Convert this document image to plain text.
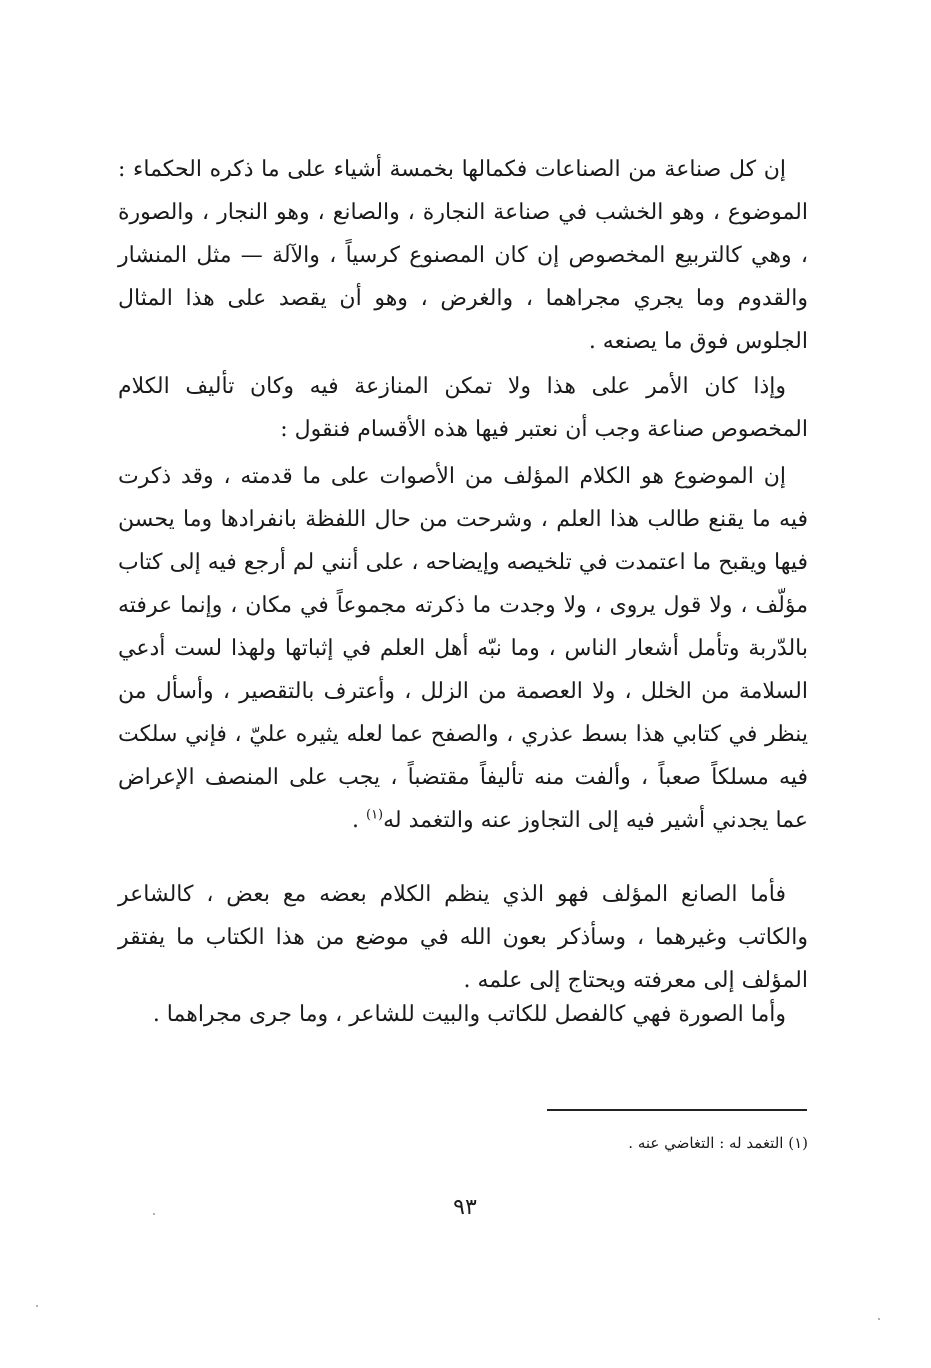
إن كل صناعة من الصناعات فكمالها بخمسة أشياء على ما ذكره الحكماء : الموضوع ، وهو الخشب في صناعة النجارة ، والصانع ، وهو النجار ، والصورة ، وهي كالتربيع المخصوص إن كان المصنوع كرسياً ، والآلة — مثل المنشار والقدوم وما يجري مجراهما ، والغرض ، وهو أن يقصد على هذا المثال الجلوس فوق ما يصنعه .

وإذا كان الأمر على هذا ولا تمكن المنازعة فيه وكان تأليف الكلام المخصوص صناعة وجب أن نعتبر فيها هذه الأقسام فنقول :

إن الموضوع هو الكلام المؤلف من الأصوات على ما قدمته ، وقد ذكرت فيه ما يقنع طالب هذا العلم ، وشرحت من حال اللفظة بانفرادها وما يحسن فيها ويقبح ما اعتمدت في تلخيصه وإيضاحه ، على أنني لم أرجع فيه إلى كتاب مؤلّف ، ولا قول يروى ، ولا وجدت ما ذكرته مجموعاً في مكان ، وإنما عرفته بالدّربة وتأمل أشعار الناس ، وما نبّه أهل العلم في إثباتها ولهذا لست أدعي السلامة من الخلل ، ولا العصمة من الزلل ، وأعترف بالتقصير ، وأسأل من ينظر في كتابي هذا بسط عذري ، والصفح عما لعله يثيره عليّ ، فإني سلكت فيه مسلكاً صعباً ، وألفت منه تأليفاً مقتضباً ، يجب على المنصف الإعراض عما يجدني أشير فيه إلى التجاوز عنه والتغمد له$^{(١)}$ .

فأما الصانع المؤلف فهو الذي ينظم الكلام بعضه مع بعض ، كالشاعر والكاتب وغيرهما ، وسأذكر بعون الله في موضع من هذا الكتاب ما يفتقر المؤلف إلى معرفته ويحتاج إلى علمه .

وأما الصورة فهي كالفصل للكاتب والبيت للشاعر ، وما جرى مجراهما .

(١) التغمد له : التغاضي عنه .
٩٣
